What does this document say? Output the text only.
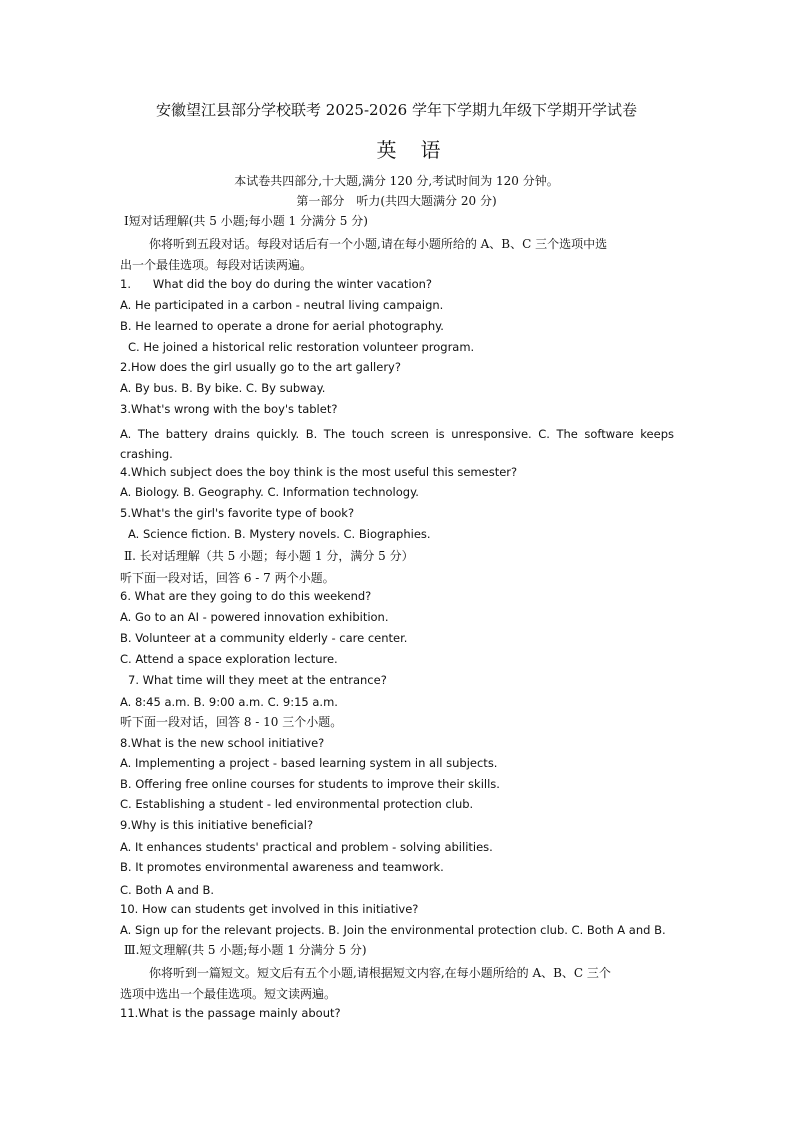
安徽望江县部分学校联考 2025-2026 学年下学期九年级下学期开学试卷
英语
本试卷共四部分,十大题,满分 120 分,考试时间为 120 分钟。
第一部分　听力(共四大题满分 20 分)
Ⅰ短对话理解(共 5 小题;每小题 1 分满分 5 分)
你将听到五段对话。每段对话后有一个小题,请在每小题所给的 A、B、C 三个选项中选
出一个最佳选项。每段对话读两遍。
1.      What did the boy do during the winter vacation?
A. He participated in a carbon - neutral living campaign.
B. He learned to operate a drone for aerial photography.
C. He joined a historical relic restoration volunteer program.
2.How does the girl usually go to the art gallery?
A. By bus. B. By bike. C. By subway.
3.What's wrong with the boy's tablet?
A. The battery drains quickly. B. The touch screen is unresponsive. C. The software keeps crashing.
4.Which subject does the boy think is the most useful this semester?
A. Biology. B. Geography. C. Information technology.
5.What's the girl's favorite type of book?
A. Science fiction. B. Mystery novels. C. Biographies.
Ⅱ. 长对话理解（共 5 小题；每小题 1 分，满分 5 分）
听下面一段对话，回答 6 - 7 两个小题。
6. What are they going to do this weekend?
A. Go to an AI - powered innovation exhibition.
B. Volunteer at a community elderly - care center.
C. Attend a space exploration lecture.
7. What time will they meet at the entrance?
A. 8:45 a.m. B. 9:00 a.m. C. 9:15 a.m.
听下面一段对话，回答 8 - 10 三个小题。
8.What is the new school initiative?
A. Implementing a project - based learning system in all subjects.
B. Offering free online courses for students to improve their skills.
C. Establishing a student - led environmental protection club.
9.Why is this initiative beneficial?
A. It enhances students' practical and problem - solving abilities.
B. It promotes environmental awareness and teamwork.
C. Both A and B.
10. How can students get involved in this initiative?
A. Sign up for the relevant projects. B. Join the environmental protection club. C. Both A and B.
Ⅲ.短文理解(共 5 小题;每小题 1 分满分 5 分)
你将听到一篇短文。短文后有五个小题,请根据短文内容,在每小题所给的 A、B、C 三个
选项中选出一个最佳选项。短文读两遍。
11.What is the passage mainly about?
